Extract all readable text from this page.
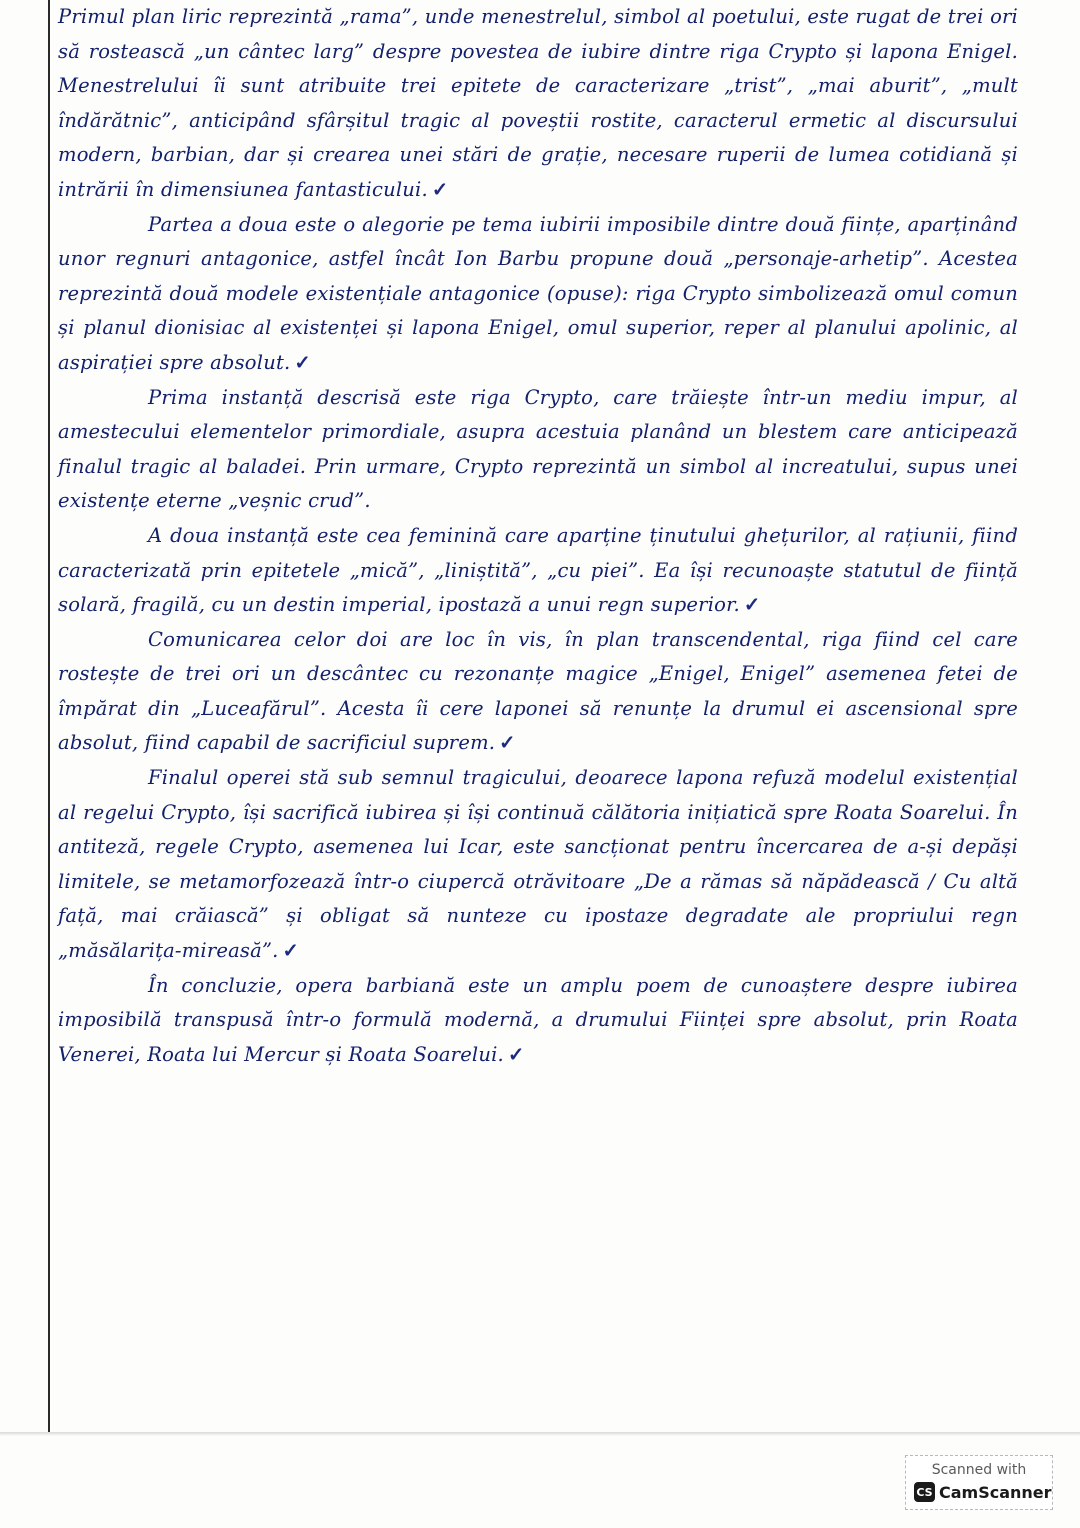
Primul plan liric reprezintă „rama”, unde menestrelul, simbol al poetului, este rugat de trei ori să rostească „un cântec larg” despre povestea de iubire dintre riga Crypto și lapona Enigel. Menestrelului îi sunt atribuite trei epitete de caracterizare „trist”, „mai aburit”, „mult îndărătnic”, anticipând sfârșitul tragic al poveștii rostite, caracterul ermetic al discursului modern, barbian, dar și crearea unei stări de grație, necesare ruperii de lumea cotidiană și intrării în dimensiunea fantasticului. ✓

Partea a doua este o alegorie pe tema iubirii imposibile dintre două ființe, aparținând unor regnuri antagonice, astfel încât Ion Barbu propune două „personaje-arhetip”. Acestea reprezintă două modele existențiale antagonice (opuse): riga Crypto simbolizează omul comun și planul dionisiac al existenței și lapona Enigel, omul superior, reper al planului apolinic, al aspirației spre absolut. ✓

Prima instanță descrisă este riga Crypto, care trăiește într-un mediu impur, al amestecului elementelor primordiale, asupra acestuia planând un blestem care anticipează finalul tragic al baladei. Prin urmare, Crypto reprezintă un simbol al increatului, supus unei existențe eterne „veșnic crud”.

A doua instanță este cea feminină care aparține ținutului ghețurilor, al rațiunii, fiind caracterizată prin epitetele „mică”, „liniștită”, „cu piei”. Ea își recunoaște statutul de ființă solară, fragilă, cu un destin imperial, ipostază a unui regn superior. ✓

Comunicarea celor doi are loc în vis, în plan transcendental, riga fiind cel care rostește de trei ori un descântec cu rezonanțe magice „Enigel, Enigel” asemenea fetei de împărat din „Luceafărul”. Acesta îi cere laponei să renunțe la drumul ei ascensional spre absolut, fiind capabil de sacrificiul suprem. ✓

Finalul operei stă sub semnul tragicului, deoarece lapona refuză modelul existențial al regelui Crypto, își sacrifică iubirea și își continuă călătoria inițiatică spre Roata Soarelui. În antiteză, regele Crypto, asemenea lui Icar, este sancționat pentru încercarea de a-și depăși limitele, se metamorfozează într-o ciupercă otrăvitoare „De a rămas să năpădească / Cu altă față, mai crăiască” și obligat să nunteze cu ipostaze degradate ale propriului regn „măsălarița-mireasă”. ✓

În concluzie, opera barbiană este un amplu poem de cunoaștere despre iubirea imposibilă transpusă într-o formulă modernă, a drumului Ființei spre absolut, prin Roata Venerei, Roata lui Mercur și Roata Soarelui. ✓

Scanned with
CS CamScanner
